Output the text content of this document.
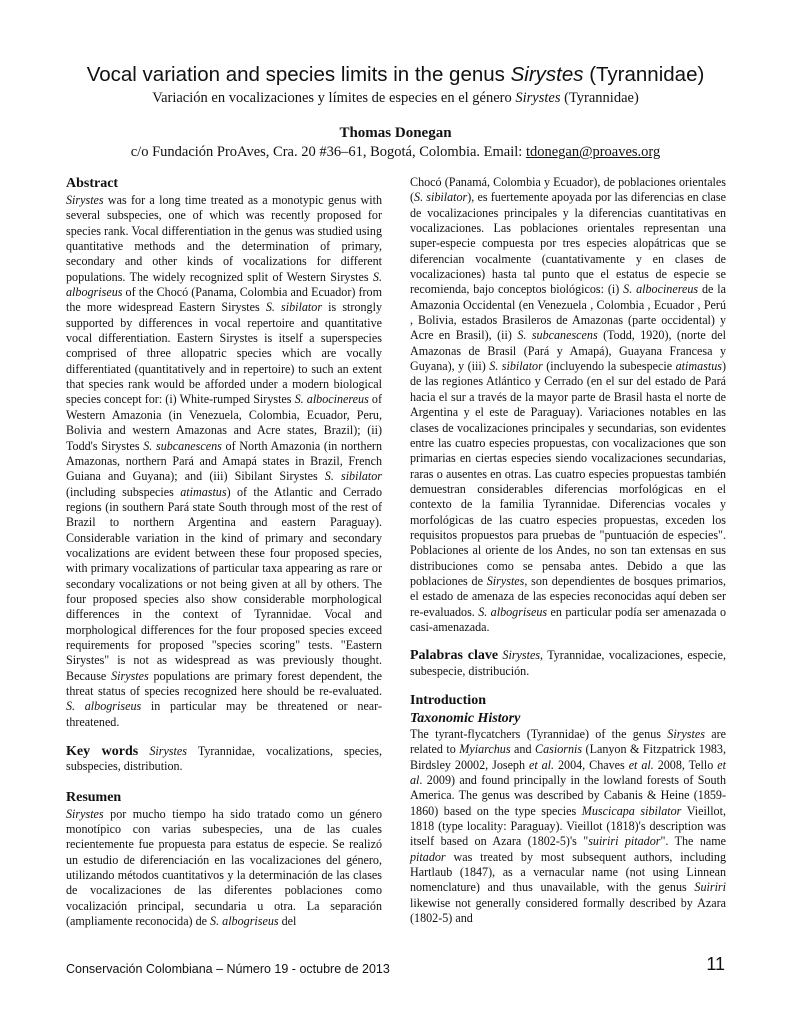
Vocal variation and species limits in the genus Sirystes (Tyrannidae)
Variación en vocalizaciones y límites de especies en el género Sirystes (Tyrannidae)
Thomas Donegan
c/o Fundación ProAves, Cra. 20 #36–61, Bogotá, Colombia. Email: tdonegan@proaves.org
Abstract

Sirystes was for a long time treated as a monotypic genus with several subspecies, one of which was recently proposed for species rank. Vocal differentiation in the genus was studied using quantitative methods and the determination of primary, secondary and other kinds of vocalizations for different populations. The widely recognized split of Western Sirystes S. albogriseus of the Chocó (Panama, Colombia and Ecuador) from the more widespread Eastern Sirystes S. sibilator is strongly supported by differences in vocal repertoire and quantitative vocal differentiation. Eastern Sirystes is itself a superspecies comprised of three allopatric species which are vocally differentiated (quantitatively and in repertoire) to such an extent that species rank would be afforded under a modern biological species concept for: (i) White-rumped Sirystes S. albocinereus of Western Amazonia (in Venezuela, Colombia, Ecuador, Peru, Bolivia and western Amazonas and Acre states, Brazil); (ii) Todd's Sirystes S. subcanescens of North Amazonia (in northern Amazonas, northern Pará and Amapá states in Brazil, French Guiana and Guyana); and (iii) Sibilant Sirystes S. sibilator (including subspecies atimastus) of the Atlantic and Cerrado regions (in southern Pará state South through most of the rest of Brazil to northern Argentina and eastern Paraguay). Considerable variation in the kind of primary and secondary vocalizations are evident between these four proposed species, with primary vocalizations of particular taxa appearing as rare or secondary vocalizations or not being given at all by others. The four proposed species also show considerable morphological differences in the context of Tyrannidae. Vocal and morphological differences for the four proposed species exceed requirements for proposed "species scoring" tests. "Eastern Sirystes" is not as widespread as was previously thought. Because Sirystes populations are primary forest dependent, the threat status of species recognized here should be re-evaluated. S. albogriseus in particular may be threatened or near-threatened.

Key words Sirystes Tyrannidae, vocalizations, species, subspecies, distribution.

Resumen

Sirystes por mucho tiempo ha sido tratado como un género monotípico con varias subespecies, una de las cuales recientemente fue propuesta para estatus de especie. Se realizó un estudio de diferenciación en las vocalizaciones del género, utilizando métodos cuantitativos y la determinación de las clases de vocalizaciones de las diferentes poblaciones como vocalización principal, secundaria u otra. La separación (ampliamente reconocida) de S. albogriseus del

Chocó (Panamá, Colombia y Ecuador), de poblaciones orientales (S. sibilator), es fuertemente apoyada por las diferencias en clase de vocalizaciones principales y la diferencias cuantitativas en vocalizaciones. Las poblaciones orientales representan una super-especie compuesta por tres especies alopátricas que se diferencian vocalmente (cuantativamente y en clases de vocalizaciones) hasta tal punto que el estatus de especie se recomienda, bajo conceptos biológicos: (i) S. albocinereus de la Amazonia Occidental (en Venezuela , Colombia , Ecuador , Perú , Bolivia, estados Brasileros de Amazonas (parte occidental) y Acre en Brasil), (ii) S. subcanescens (Todd, 1920), (norte del Amazonas de Brasil (Pará y Amapá), Guayana Francesa y Guyana), y (iii) S. sibilator (incluyendo la subespecie atimastus) de las regiones Atlántico y Cerrado (en el sur del estado de Pará hacia el sur a través de la mayor parte de Brasil hasta el norte de Argentina y el este de Paraguay). Variaciones notables en las clases de vocalizaciones principales y secundarias, son evidentes entre las cuatro especies propuestas, con vocalizaciones que son primarias en ciertas especies siendo vocalizaciones secundarias, raras o ausentes en otras. Las cuatro especies propuestas también demuestran considerables diferencias morfológicas en el contexto de la familia Tyrannidae. Diferencias vocales y morfológicas de las cuatro especies propuestas, exceden los requisitos propuestos para pruebas de "puntuación de especies". Poblaciones al oriente de los Andes, no son tan extensas en sus distribuciones como se pensaba antes. Debido a que las poblaciones de Sirystes, son dependientes de bosques primarios, el estado de amenaza de las especies reconocidas aquí deben ser re-evaluados. S. albogriseus en particular podía ser amenazada o casi-amenazada.

Palabras clave Sirystes, Tyrannidae, vocalizaciones, especie, subespecie, distribución.

Introduction
Taxonomic History

The tyrant-flycatchers (Tyrannidae) of the genus Sirystes are related to Myiarchus and Casiornis (Lanyon & Fitzpatrick 1983, Birdsley 20002, Joseph et al. 2004, Chaves et al. 2008, Tello et al. 2009) and found principally in the lowland forests of South America. The genus was described by Cabanis & Heine (1859-1860) based on the type species Muscicapa sibilator Vieillot, 1818 (type locality: Paraguay). Vieillot (1818)'s description was itself based on Azara (1802-5)'s "suiriri pitador". The name pitador was treated by most subsequent authors, including Hartlaub (1847), as a vernacular name (not using Linnean nomenclature) and thus unavailable, with the genus Suiriri likewise not generally considered formally described by Azara (1802-5) and

Conservación Colombiana – Número 19 - octubre de 2013	11
